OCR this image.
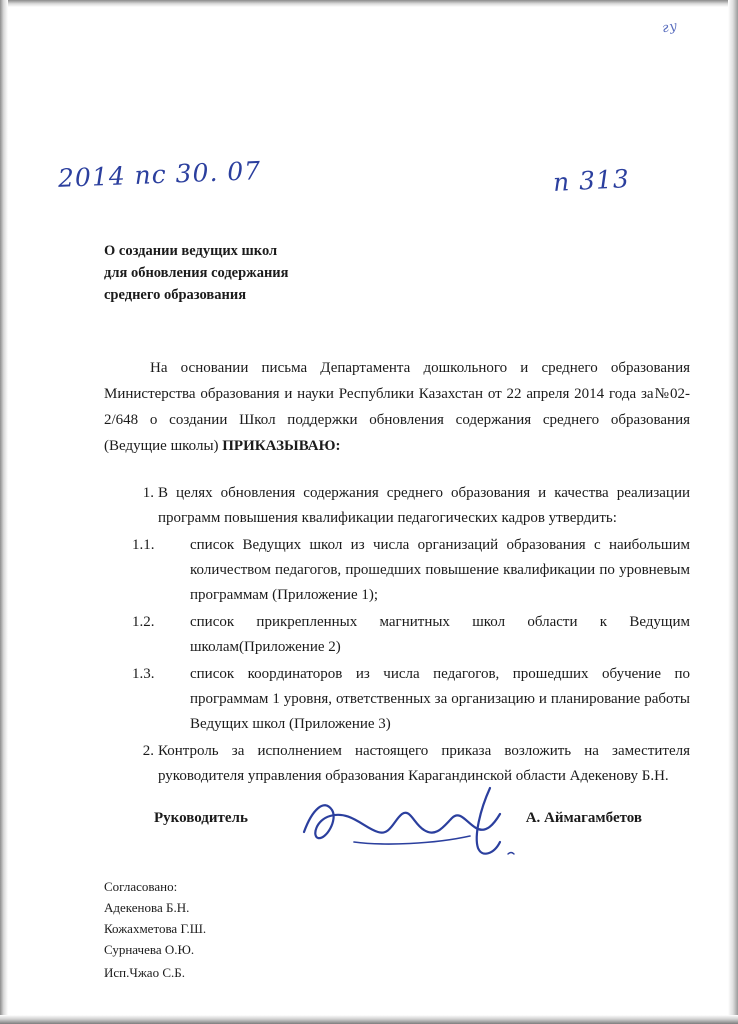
гу
2014 пс 30. 07	n 313
О создании ведущих школ
для обновления содержания
среднего образования

На основании письма Департамента дошкольного и среднего образования Министерства образования и науки Республики Казахстан от 22 апреля 2014 года за№02-2/648 о создании Школ поддержки обновления содержания среднего образования (Ведущие школы) ПРИКАЗЫВАЮ:

1. В целях обновления содержания среднего образования и качества реализации программ повышения квалификации педагогических кадров утвердить:
1.1.	список Ведущих школ из числа организаций образования с наибольшим количеством педагогов, прошедших повышение квалификации по уровневым программам (Приложение 1);
1.2.	список прикрепленных магнитных школ области к Ведущим школам(Приложение 2)
1.3.	список координаторов из числа педагогов, прошедших обучение по программам 1 уровня, ответственных за организацию и планирование работы Ведущих школ (Приложение 3)
2. Контроль за исполнением настоящего приказа возложить на заместителя руководителя управления образования Карагандинской области Адекенову Б.Н.
Руководитель	А. Аймагамбетов
Согласовано:
Адекенова Б.Н.
Кожахметова Г.Ш.
Сурначева О.Ю.
Исп.Чжао С.Б.
